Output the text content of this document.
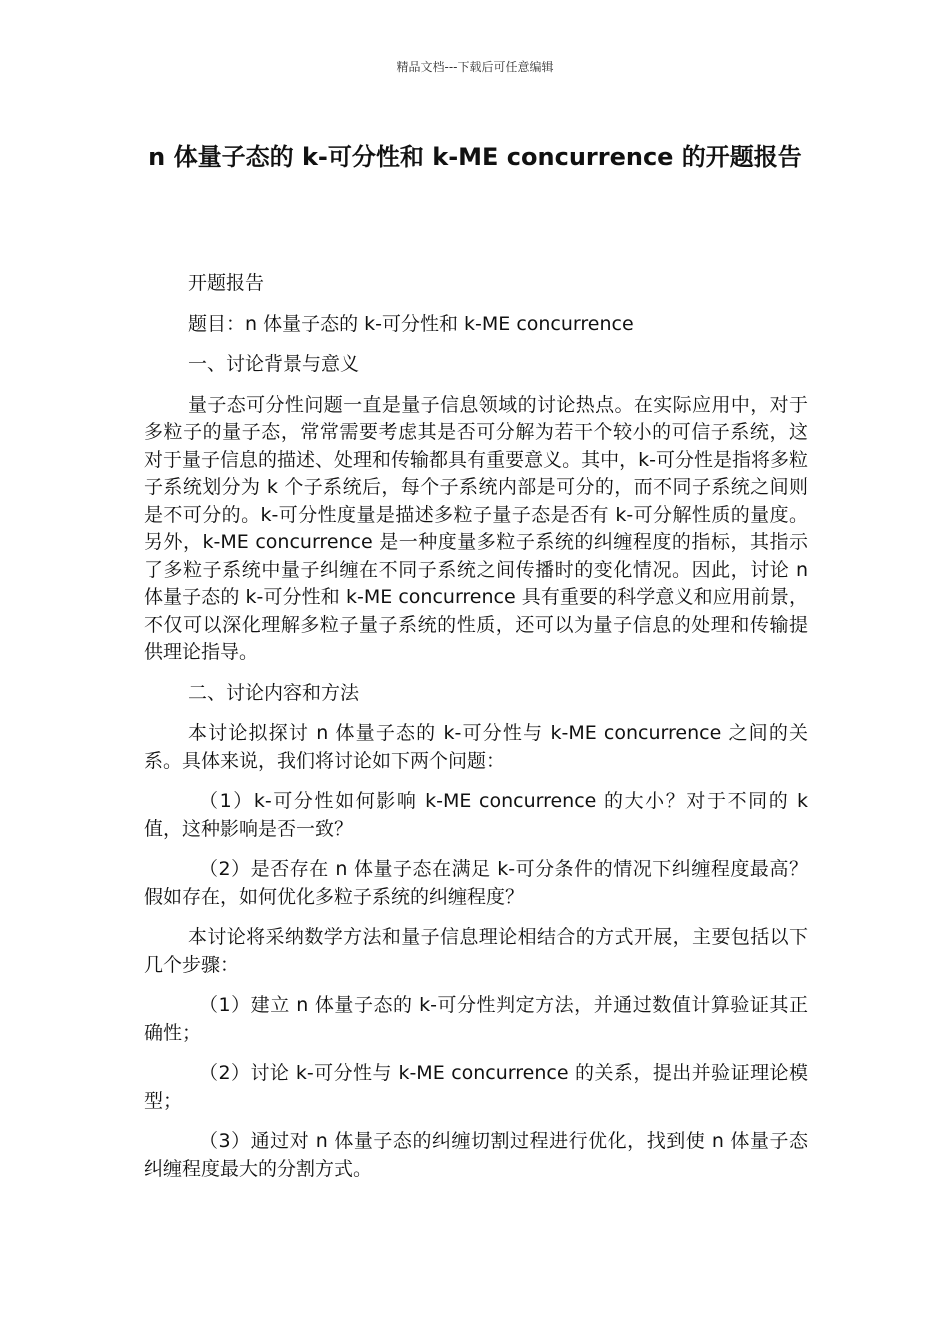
精品文档---下载后可任意编辑
n 体量子态的 k-可分性和 k-ME concurrence 的开题报告

开题报告

题目：n 体量子态的 k-可分性和 k-ME concurrence

一、讨论背景与意义

量子态可分性问题一直是量子信息领域的讨论热点。在实际应用中，对于多粒子的量子态，常常需要考虑其是否可分解为若干个较小的可信子系统，这对于量子信息的描述、处理和传输都具有重要意义。其中，k-可分性是指将多粒子系统划分为 k 个子系统后，每个子系统内部是可分的，而不同子系统之间则是不可分的。k-可分性度量是描述多粒子量子态是否有 k-可分解性质的量度。另外，k-ME concurrence 是一种度量多粒子系统的纠缠程度的指标，其指示了多粒子系统中量子纠缠在不同子系统之间传播时的变化情况。因此，讨论 n 体量子态的 k-可分性和 k-ME concurrence 具有重要的科学意义和应用前景，不仅可以深化理解多粒子量子系统的性质，还可以为量子信息的处理和传输提供理论指导。

二、讨论内容和方法

本讨论拟探讨 n 体量子态的 k-可分性与 k-ME concurrence 之间的关系。具体来说，我们将讨论如下两个问题：

（1）k-可分性如何影响 k-ME concurrence 的大小？对于不同的 k 值，这种影响是否一致？

（2）是否存在 n 体量子态在满足 k-可分条件的情况下纠缠程度最高？假如存在，如何优化多粒子系统的纠缠程度？

本讨论将采纳数学方法和量子信息理论相结合的方式开展，主要包括以下几个步骤：

（1）建立 n 体量子态的 k-可分性判定方法，并通过数值计算验证其正确性；

（2）讨论 k-可分性与 k-ME concurrence 的关系，提出并验证理论模型；

（3）通过对 n 体量子态的纠缠切割过程进行优化，找到使 n 体量子态纠缠程度最大的分割方式。
